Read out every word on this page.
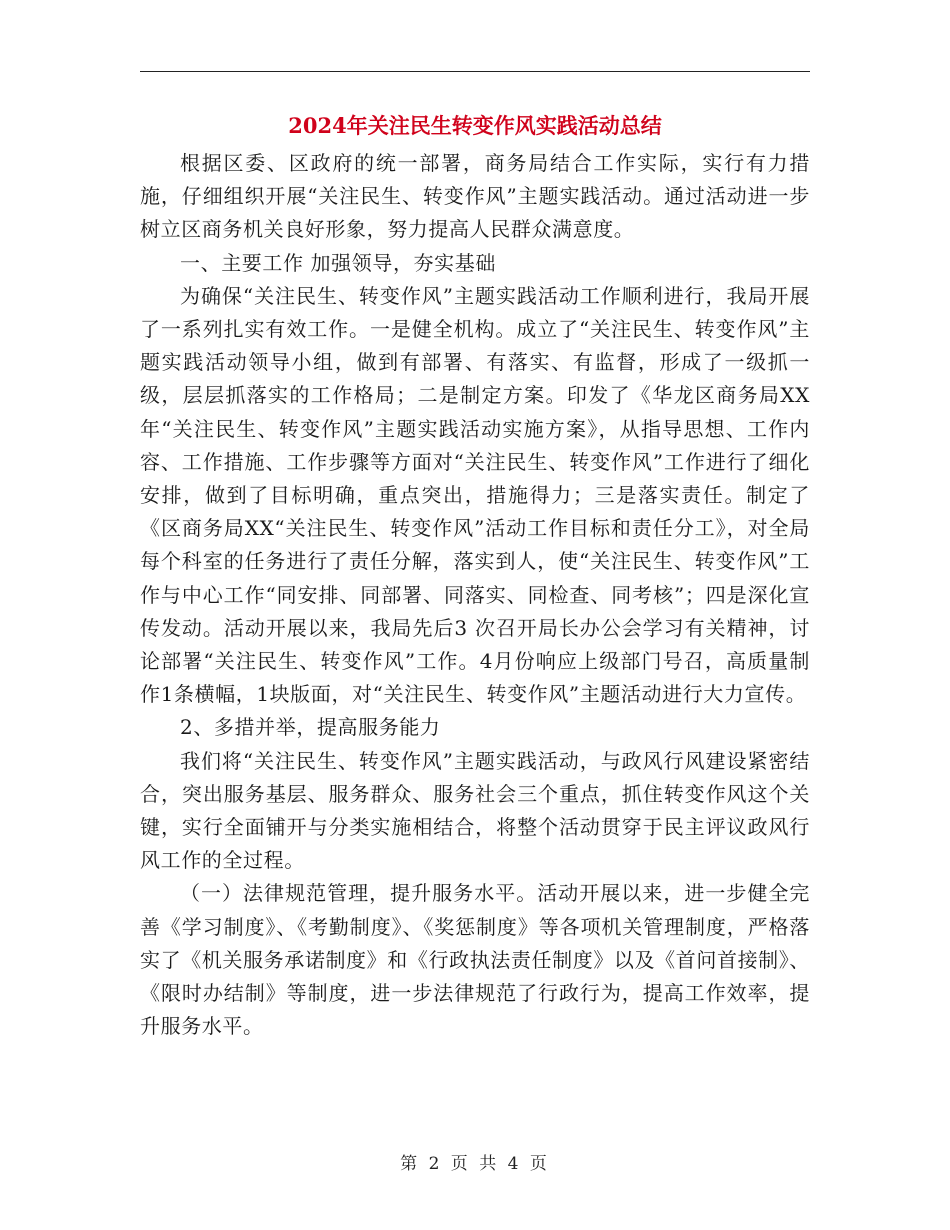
2024年关注民生转变作风实践活动总结

根据区委、区政府的统一部署，商务局结合工作实际，实行有力措施，仔细组织开展“关注民生、转变作风”主题实践活动。通过活动进一步树立区商务机关良好形象，努力提高人民群众满意度。

一、主要工作 加强领导，夯实基础

为确保“关注民生、转变作风”主题实践活动工作顺利进行，我局开展了一系列扎实有效工作。一是健全机构。成立了“关注民生、转变作风”主题实践活动领导小组，做到有部署、有落实、有监督，形成了一级抓一级，层层抓落实的工作格局；二是制定方案。印发了《华龙区商务局XX年“关注民生、转变作风”主题实践活动实施方案》，从指导思想、工作内容、工作措施、工作步骤等方面对“关注民生、转变作风”工作进行了细化安排，做到了目标明确，重点突出，措施得力；三是落实责任。制定了《区商务局XX“关注民生、转变作风”活动工作目标和责任分工》，对全局每个科室的任务进行了责任分解，落实到人，使“关注民生、转变作风”工作与中心工作“同安排、同部署、同落实、同检查、同考核”；四是深化宣传发动。活动开展以来，我局先后3 次召开局长办公会学习有关精神，讨论部署“关注民生、转变作风”工作。4月份响应上级部门号召，高质量制作1条横幅，1块版面，对“关注民生、转变作风”主题活动进行大力宣传。

2、多措并举，提高服务能力

我们将“关注民生、转变作风”主题实践活动，与政风行风建设紧密结合，突出服务基层、服务群众、服务社会三个重点，抓住转变作风这个关键，实行全面铺开与分类实施相结合，将整个活动贯穿于民主评议政风行风工作的全过程。

（一）法律规范管理，提升服务水平。活动开展以来，进一步健全完善《学习制度》、《考勤制度》、《奖惩制度》等各项机关管理制度，严格落实了《机关服务承诺制度》和《行政执法责任制度》以及《首问首接制》、《限时办结制》等制度，进一步法律规范了行政行为，提高工作效率，提升服务水平。

第 2 页 共 4 页
